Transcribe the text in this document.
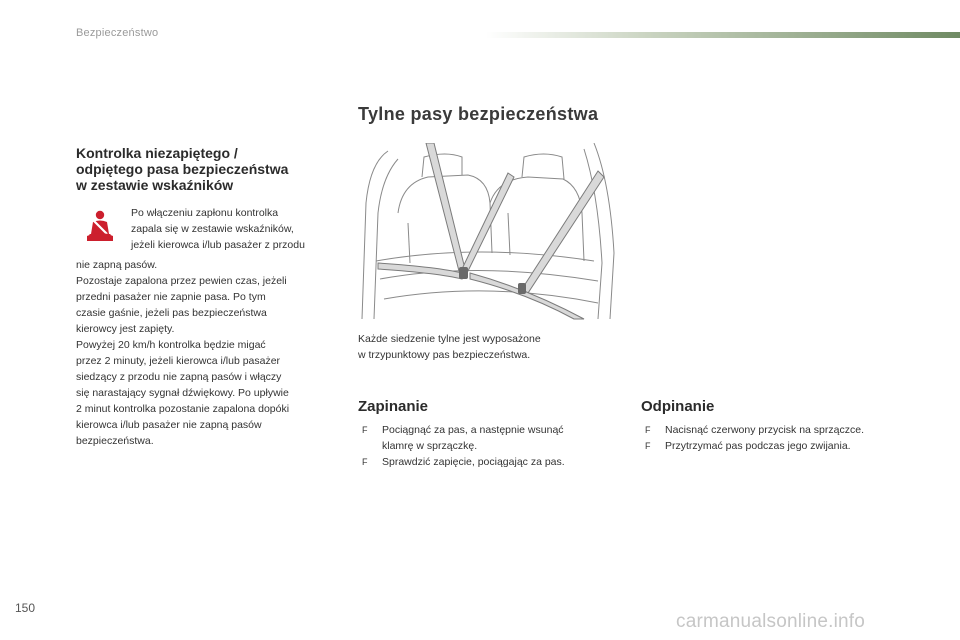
Bezpieczeństwo
Tylne pasy bezpieczeństwa
Kontrolka niezapiętego /
odpiętego pasa bezpieczeństwa
w zestawie wskaźników
Po włączeniu zapłonu kontrolka
zapala się w zestawie wskaźników,
jeżeli kierowca i/lub pasażer z przodu

nie zapną pasów.

Pozostaje zapalona przez pewien czas, jeżeli

przedni pasażer nie zapnie pasa. Po tym

czasie gaśnie, jeżeli pas bezpieczeństwa

kierowcy jest zapięty.

Powyżej 20 km/h kontrolka będzie migać

przez 2 minuty, jeżeli kierowca i/lub pasażer

siedzący z przodu nie zapną pasów i włączy

się narastający sygnał dźwiękowy. Po upływie

2 minut kontrolka pozostanie zapalona dopóki

kierowca i/lub pasażer nie zapną pasów

bezpieczeństwa.

Każde siedzenie tylne jest wyposażone
w trzypunktowy pas bezpieczeństwa.
Zapinanie
F Pociągnąć za pas, a następnie wsunąć
klamrę w sprzączkę.
F Sprawdzić zapięcie, pociągając za pas.
Odpinanie
F Nacisnąć czerwony przycisk na sprzączce.
F Przytrzymać pas podczas jego zwijania.
150
carmanualsonline.info
